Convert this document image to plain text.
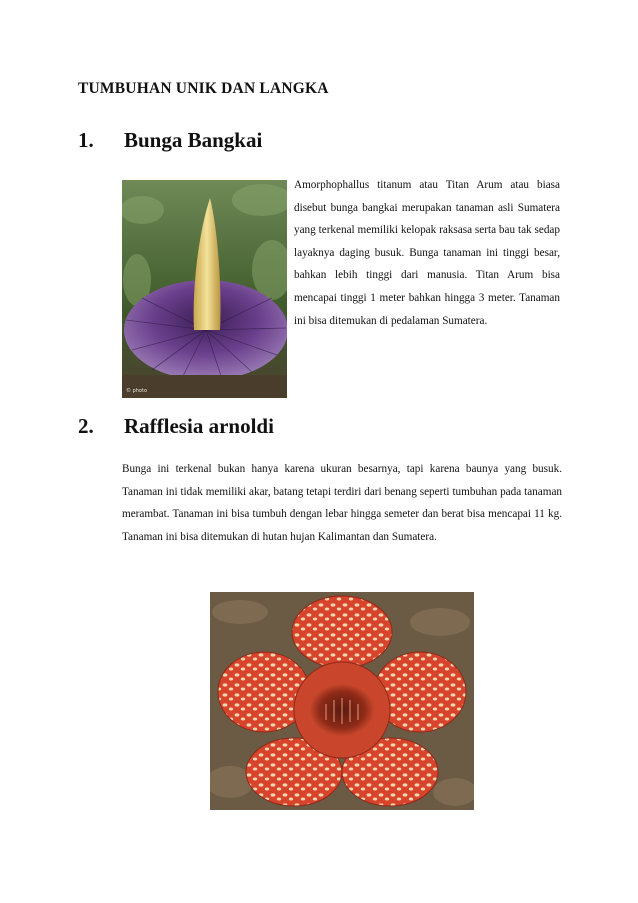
TUMBUHAN UNIK DAN LANGKA
1. Bunga Bangkai
© photo
Amorphophallus titanum atau Titan Arum atau biasa disebut bunga bangkai merupakan tanaman asli Sumatera yang terkenal memiliki kelopak raksasa serta bau tak sedap layaknya daging busuk. Bunga tanaman ini tinggi besar, bahkan lebih tinggi dari manusia. Titan Arum bisa mencapai tinggi 1 meter bahkan hingga 3 meter. Tanaman ini bisa ditemukan di pedalaman Sumatera.
2. Rafflesia arnoldi
Bunga ini terkenal bukan hanya karena ukuran besarnya, tapi karena baunya yang busuk. Tanaman ini tidak memiliki akar, batang tetapi terdiri dari benang seperti tumbuhan pada tanaman merambat. Tanaman ini bisa tumbuh dengan lebar hingga semeter dan berat bisa mencapai 11 kg. Tanaman ini bisa ditemukan di hutan hujan Kalimantan dan Sumatera.
